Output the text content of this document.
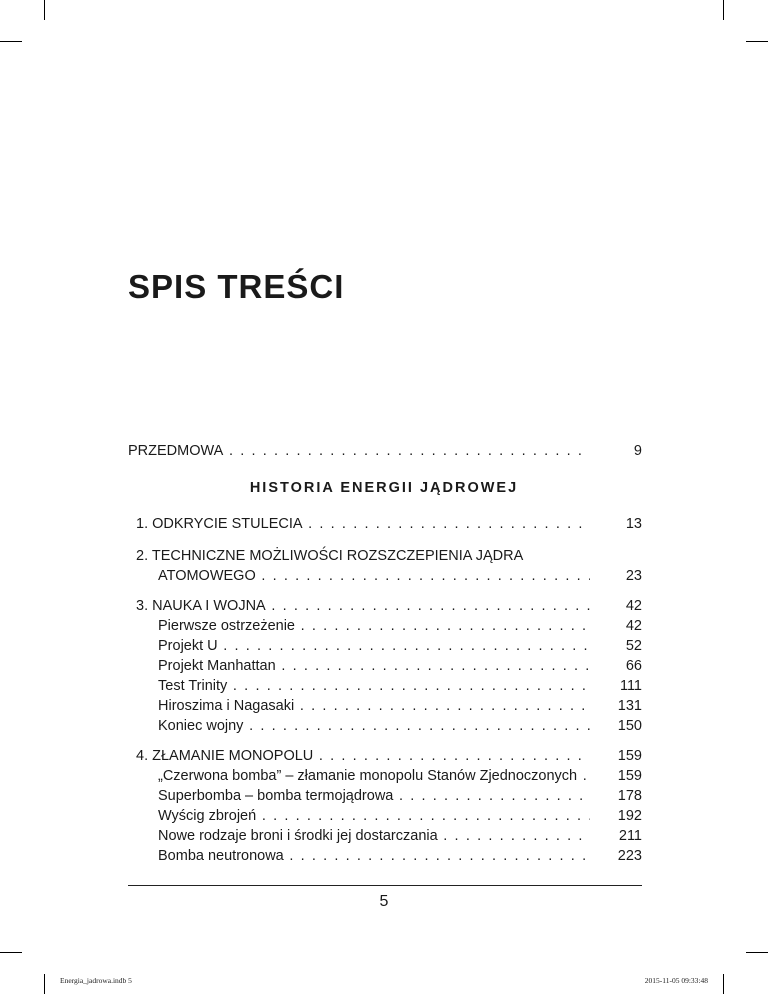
SPIS TREŚCI
PRZEDMOWA . . .	9
HISTORIA ENERGII JĄDROWEJ
1. ODKRYCIE STULECIA . . .	13
2. TECHNICZNE MOŻLIWOŚCI ROZSZCZEPIENIA JĄDRA
ATOMOWEGO . . .	23
3. NAUKA I WOJNA . . .	42
Pierwsze ostrzeżenie . . .	42
Projekt U . . .	52
Projekt Manhattan . . .	66
Test Trinity . . .	111
Hiroszima i Nagasaki . . .	131
Koniec wojny . . .	150
4. ZŁAMANIE MONOPOLU . . .	159
„Czerwona bomba” – złamanie monopolu Stanów Zjednoczonych . . .	159
Superbomba – bomba termojądrowa . . .	178
Wyścig zbrojeń . . .	192
Nowe rodzaje broni i środki jej dostarczania . . .	211
Bomba neutronowa . . .	223
5
Energia_jadrowa.indb 5	2015-11-05 09:33:48
